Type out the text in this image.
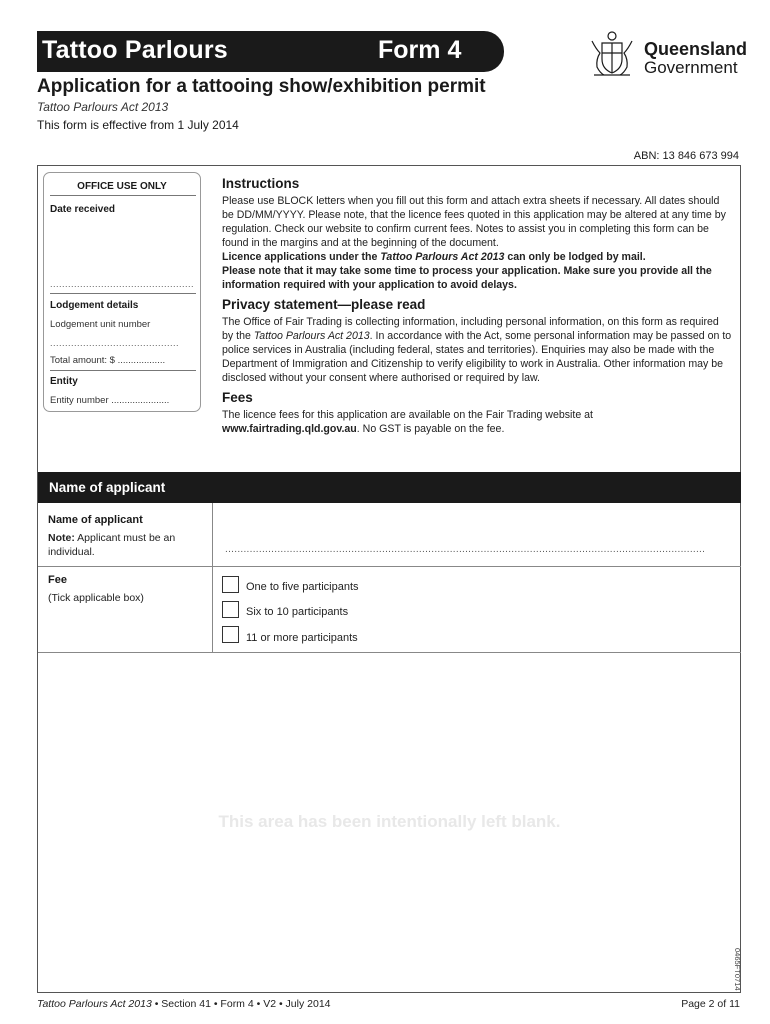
Tattoo Parlours	Form 4	Queensland
Government
Application for a tattooing show/exhibition permit
Tattoo Parlours Act 2013
This form is effective from 1 July 2014
ABN: 13 846 673 994
OFFICE USE ONLY
Date received
................................................
Lodgement details
Lodgement unit number
...........................................
Total amount: $ ..................
Entity
Entity number ......................
Instructions

Please use BLOCK letters when you fill out this form and attach extra sheets if necessary. All dates should be DD/MM/YYYY. Please note, that the licence fees quoted in this application may be altered at any time by regulation. Check our website to confirm current fees. Notes to assist you in completing this form can be found in the margins and at the beginning of the document.

Licence applications under the Tattoo Parlours Act 2013 can only be lodged by mail.

Please note that it may take some time to process your application. Make sure you provide all the information required with your application to avoid delays.

Privacy statement—please read

The Office of Fair Trading is collecting information, including personal information, on this form as required by the Tattoo Parlours Act 2013. In accordance with the Act, some personal information may be passed on to police services in Australia (including federal, states and territories). Enquiries may also be made with the Department of Immigration and Citizenship to verify eligibility to work in Australia. Other information may be disclosed without your consent where authorised or required by law.

Fees

The licence fees for this application are available on the Fair Trading website at www.fairtrading.qld.gov.au. No GST is payable on the fee.

Name of applicant
Name of applicant
Note: Applicant must be an individual.	............................................................................................................................................................
Fee
(Tick applicable box)
One to five participants
Six to 10 participants
11 or more participants
This area has been intentionally left blank.
0465FT0714
Tattoo Parlours Act 2013 • Section 41 • Form 4 • V2 • July 2014	Page 2 of 11
